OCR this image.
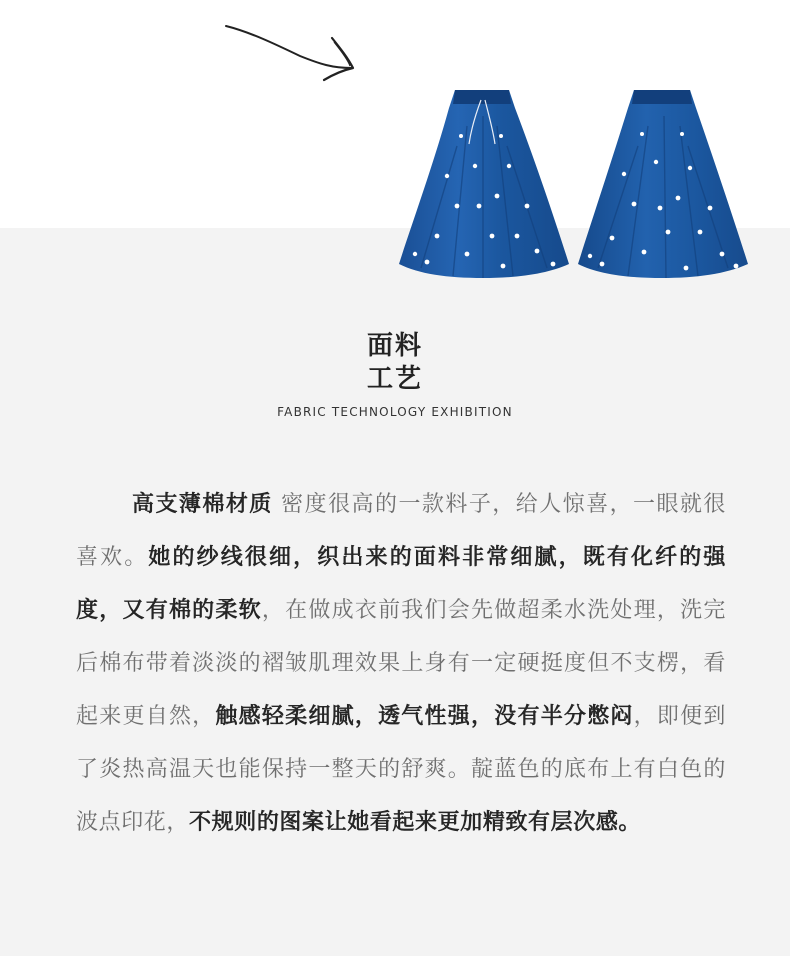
面料
工艺
FABRIC TECHNOLOGY EXHIBITION
高支薄棉材质 密度很高的一款料子，给人惊喜，一眼就很喜欢。她的纱线很细，织出来的面料非常细腻，既有化纤的强度，又有棉的柔软，在做成衣前我们会先做超柔水洗处理，洗完后棉布带着淡淡的褶皱肌理效果上身有一定硬挺度但不支楞，看起来更自然，触感轻柔细腻，透气性强，没有半分憋闷，即便到了炎热高温天也能保持一整天的舒爽。靛蓝色的底布上有白色的波点印花，不规则的图案让她看起来更加精致有层次感。
